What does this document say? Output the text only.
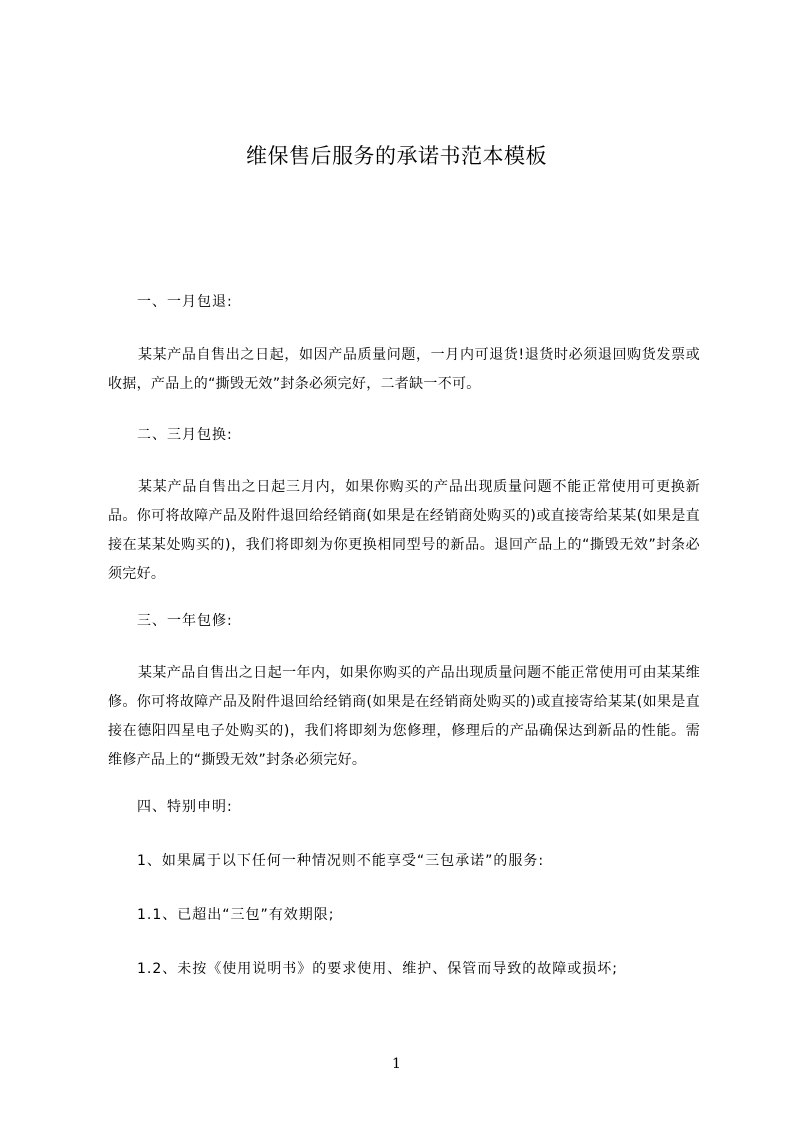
维保售后服务的承诺书范本模板
一、一月包退:
某某产品自售出之日起，如因产品质量问题，一月内可退货!退货时必须退回购货发票或收据，产品上的“撕毁无效”封条必须完好，二者缺一不可。
二、三月包换:
某某产品自售出之日起三月内，如果你购买的产品出现质量问题不能正常使用可更换新品。你可将故障产品及附件退回给经销商(如果是在经销商处购买的)或直接寄给某某(如果是直接在某某处购买的)，我们将即刻为你更换相同型号的新品。退回产品上的“撕毁无效”封条必须完好。
三、一年包修:
某某产品自售出之日起一年内，如果你购买的产品出现质量问题不能正常使用可由某某维修。你可将故障产品及附件退回给经销商(如果是在经销商处购买的)或直接寄给某某(如果是直接在德阳四星电子处购买的)，我们将即刻为您修理，修理后的产品确保达到新品的性能。需维修产品上的“撕毁无效”封条必须完好。
四、特别申明:
1、如果属于以下任何一种情况则不能享受“三包承诺”的服务:
1.1、已超出“三包”有效期限;
1.2、未按《使用说明书》的要求使用、维护、保管而导致的故障或损坏;
1
